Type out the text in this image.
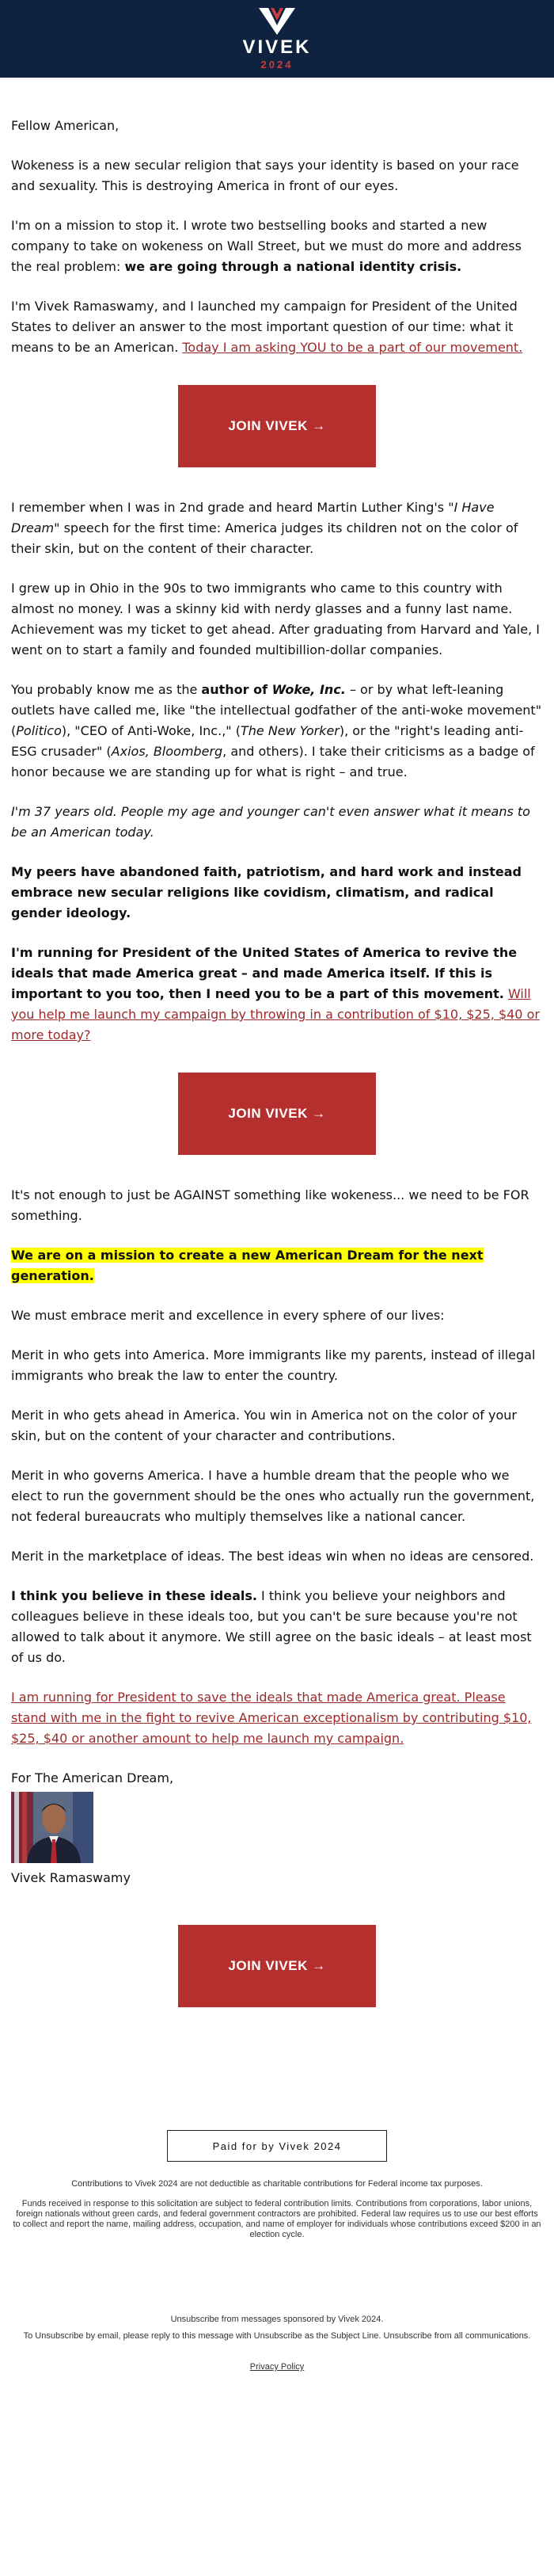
VIVEK
2024

Fellow American,

Wokeness is a new secular religion that says your identity is based on your race and sexuality. This is destroying America in front of our eyes.

I'm on a mission to stop it. I wrote two bestselling books and started a new company to take on wokeness on Wall Street, but we must do more and address the real problem: we are going through a national identity crisis.

I'm Vivek Ramaswamy, and I launched my campaign for President of the United States to deliver an answer to the most important question of our time: what it means to be an American. Today I am asking YOU to be a part of our movement.

JOIN VIVEK →

I remember when I was in 2nd grade and heard Martin Luther King's "I Have Dream" speech for the first time: America judges its children not on the color of their skin, but on the content of their character.

I grew up in Ohio in the 90s to two immigrants who came to this country with almost no money. I was a skinny kid with nerdy glasses and a funny last name. Achievement was my ticket to get ahead. After graduating from Harvard and Yale, I went on to start a family and founded multibillion-dollar companies.

You probably know me as the author of Woke, Inc. – or by what left-leaning outlets have called me, like "the intellectual godfather of the anti-woke movement" (Politico), "CEO of Anti-Woke, Inc.," (The New Yorker), or the "right's leading anti-ESG crusader" (Axios, Bloomberg, and others). I take their criticisms as a badge of honor because we are standing up for what is right – and true.

I'm 37 years old. People my age and younger can't even answer what it means to be an American today.

My peers have abandoned faith, patriotism, and hard work and instead embrace new secular religions like covidism, climatism, and radical gender ideology.

I'm running for President of the United States of America to revive the ideals that made America great – and made America itself. If this is important to you too, then I need you to be a part of this movement. Will you help me launch my campaign by throwing in a contribution of $10, $25, $40 or more today?

JOIN VIVEK →

It's not enough to just be AGAINST something like wokeness... we need to be FOR something.

We are on a mission to create a new American Dream for the next generation.

We must embrace merit and excellence in every sphere of our lives:

Merit in who gets into America. More immigrants like my parents, instead of illegal immigrants who break the law to enter the country.

Merit in who gets ahead in America. You win in America not on the color of your skin, but on the content of your character and contributions.

Merit in who governs America. I have a humble dream that the people who we elect to run the government should be the ones who actually run the government, not federal bureaucrats who multiply themselves like a national cancer.

Merit in the marketplace of ideas. The best ideas win when no ideas are censored.

I think you believe in these ideals. I think you believe your neighbors and colleagues believe in these ideals too, but you can't be sure because you're not allowed to talk about it anymore. We still agree on the basic ideals – at least most of us do.

I am running for President to save the ideals that made America great. Please stand with me in the fight to revive American exceptionalism by contributing $10, $25, $40 or another amount to help me launch my campaign.

For The American Dream,

Vivek Ramaswamy

JOIN VIVEK →
Paid for by Vivek 2024
Contributions to Vivek 2024 are not deductible as charitable contributions for Federal income tax purposes.
Funds received in response to this solicitation are subject to federal contribution limits. Contributions from corporations, labor unions, foreign nationals without green cards, and federal government contractors are prohibited. Federal law requires us to use our best efforts to collect and report the name, mailing address, occupation, and name of employer for individuals whose contributions exceed $200 in an election cycle.
Unsubscribe from messages sponsored by Vivek 2024.
To Unsubscribe by email, please reply to this message with Unsubscribe as the Subject Line. Unsubscribe from all communications.
Privacy Policy
